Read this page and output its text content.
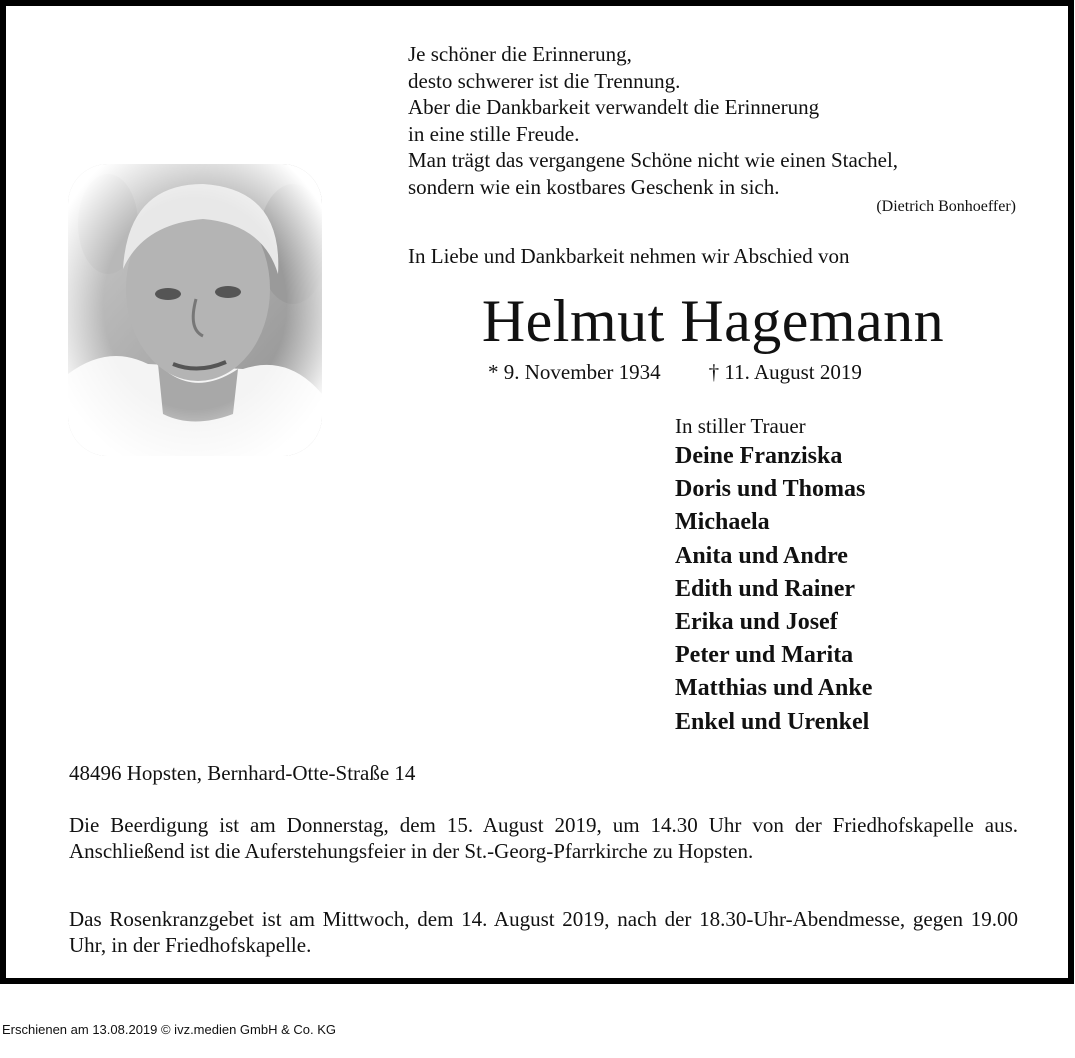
Je schöner die Erinnerung,
desto schwerer ist die Trennung.
Aber die Dankbarkeit verwandelt die Erinnerung
in eine stille Freude.
Man trägt das vergangene Schöne nicht wie einen Stachel,
sondern wie ein kostbares Geschenk in sich.
(Dietrich Bonhoeffer)
In Liebe und Dankbarkeit nehmen wir Abschied von
Helmut Hagemann
* 9. November 1934 † 11. August 2019
In stiller Trauer
Deine Franziska
Doris und Thomas
Michaela
Anita und Andre
Edith und Rainer
Erika und Josef
Peter und Marita
Matthias und Anke
Enkel und Urenkel
48496 Hopsten, Bernhard-Otte-Straße 14
Die Beerdigung ist am Donnerstag, dem 15. August 2019, um 14.30 Uhr von der Friedhofskapelle aus. Anschließend ist die Auferstehungsfeier in der St.-Georg-Pfarrkirche zu Hopsten.
Das Rosenkranzgebet ist am Mittwoch, dem 14. August 2019, nach der 18.30-Uhr-Abendmesse, gegen 19.00 Uhr, in der Friedhofskapelle.
Erschienen am 13.08.2019 © ivz.medien GmbH & Co. KG
